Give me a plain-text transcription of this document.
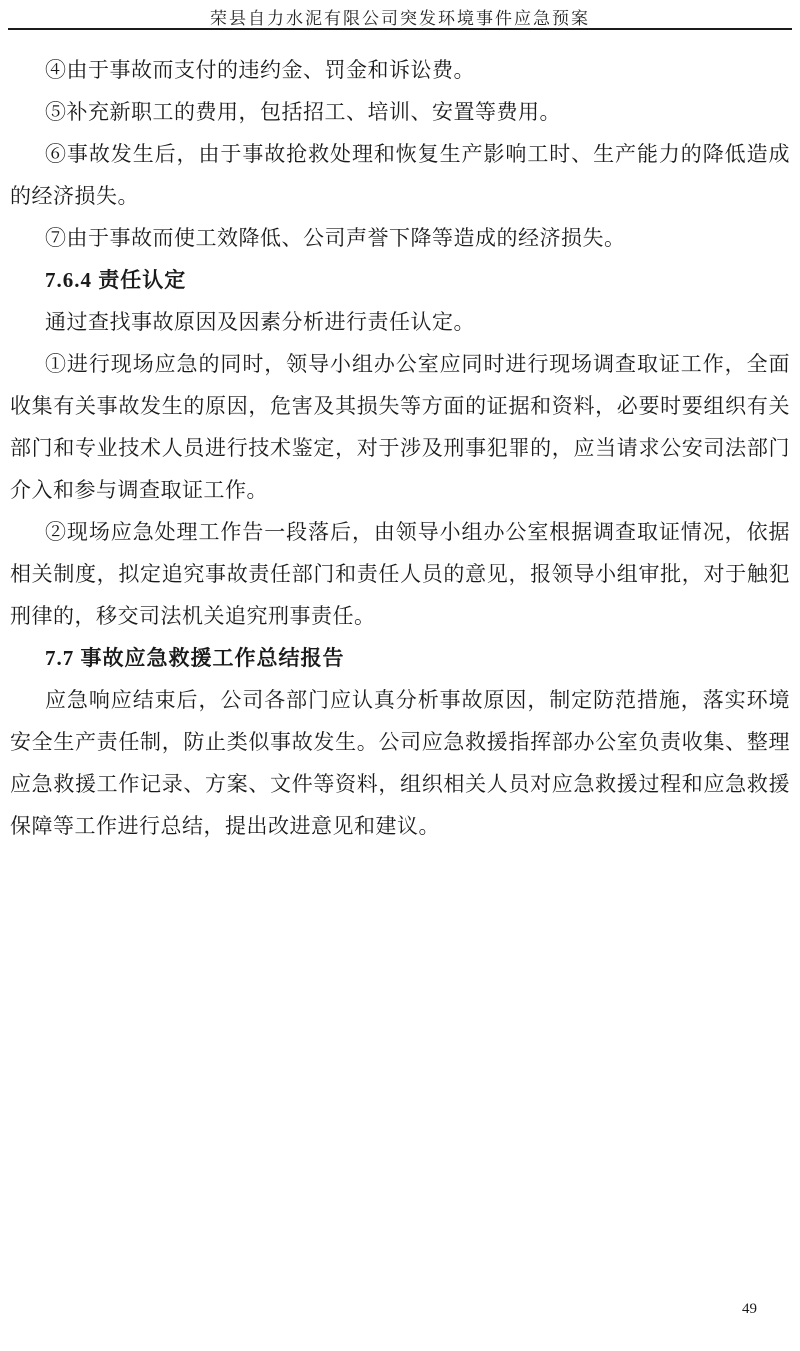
荣县自力水泥有限公司突发环境事件应急预案

④由于事故而支付的违约金、罚金和诉讼费。

⑤补充新职工的费用，包括招工、培训、安置等费用。

⑥事故发生后，由于事故抢救处理和恢复生产影响工时、生产能力的降低造成的经济损失。

⑦由于事故而使工效降低、公司声誉下降等造成的经济损失。

7.6.4 责任认定

通过查找事故原因及因素分析进行责任认定。

①进行现场应急的同时，领导小组办公室应同时进行现场调查取证工作，全面收集有关事故发生的原因，危害及其损失等方面的证据和资料，必要时要组织有关部门和专业技术人员进行技术鉴定，对于涉及刑事犯罪的，应当请求公安司法部门介入和参与调查取证工作。

②现场应急处理工作告一段落后，由领导小组办公室根据调查取证情况，依据相关制度，拟定追究事故责任部门和责任人员的意见，报领导小组审批，对于触犯刑律的，移交司法机关追究刑事责任。

7.7 事故应急救援工作总结报告

应急响应结束后，公司各部门应认真分析事故原因，制定防范措施，落实环境安全生产责任制，防止类似事故发生。公司应急救援指挥部办公室负责收集、整理应急救援工作记录、方案、文件等资料，组织相关人员对应急救援过程和应急救援保障等工作进行总结，提出改进意见和建议。

49
